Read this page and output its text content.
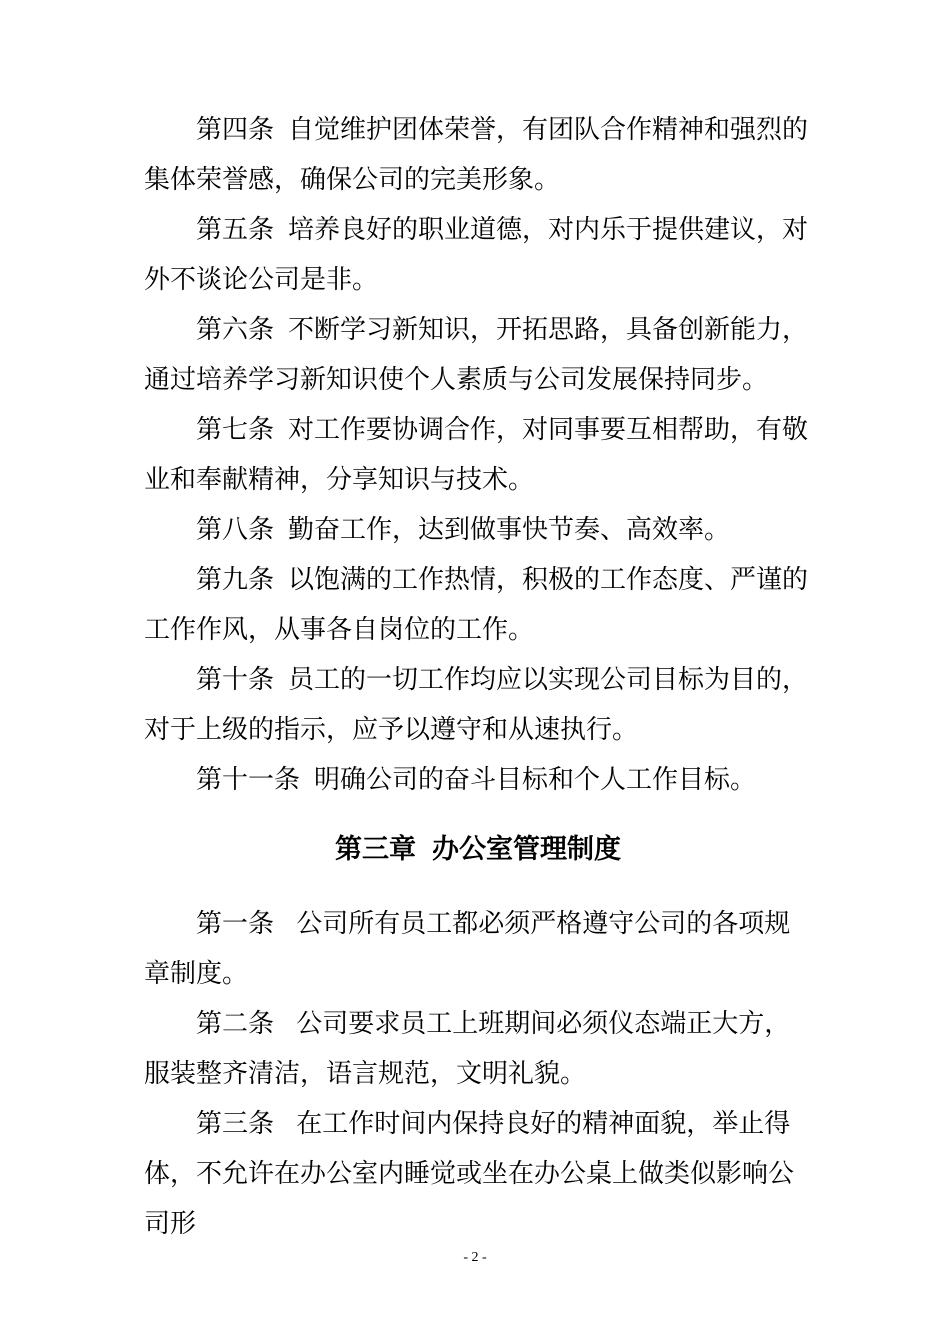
第四条 自觉维护团体荣誉，有团队合作精神和强烈的集体荣誉感，确保公司的完美形象。

第五条 培养良好的职业道德，对内乐于提供建议，对外不谈论公司是非。

第六条 不断学习新知识，开拓思路，具备创新能力，通过培养学习新知识使个人素质与公司发展保持同步。

第七条 对工作要协调合作，对同事要互相帮助，有敬业和奉献精神，分享知识与技术。

第八条 勤奋工作，达到做事快节奏、高效率。

第九条 以饱满的工作热情，积极的工作态度、严谨的工作作风，从事各自岗位的工作。

第十条 员工的一切工作均应以实现公司目标为目的，对于上级的指示，应予以遵守和从速执行。

第十一条 明确公司的奋斗目标和个人工作目标。

第三章 办公室管理制度

第一条 公司所有员工都必须严格遵守公司的各项规章制度。

第二条 公司要求员工上班期间必须仪态端正大方，服装整齐清洁，语言规范，文明礼貌。

第三条 在工作时间内保持良好的精神面貌，举止得体，不允许在办公室内睡觉或坐在办公桌上做类似影响公司形

- 2 -
